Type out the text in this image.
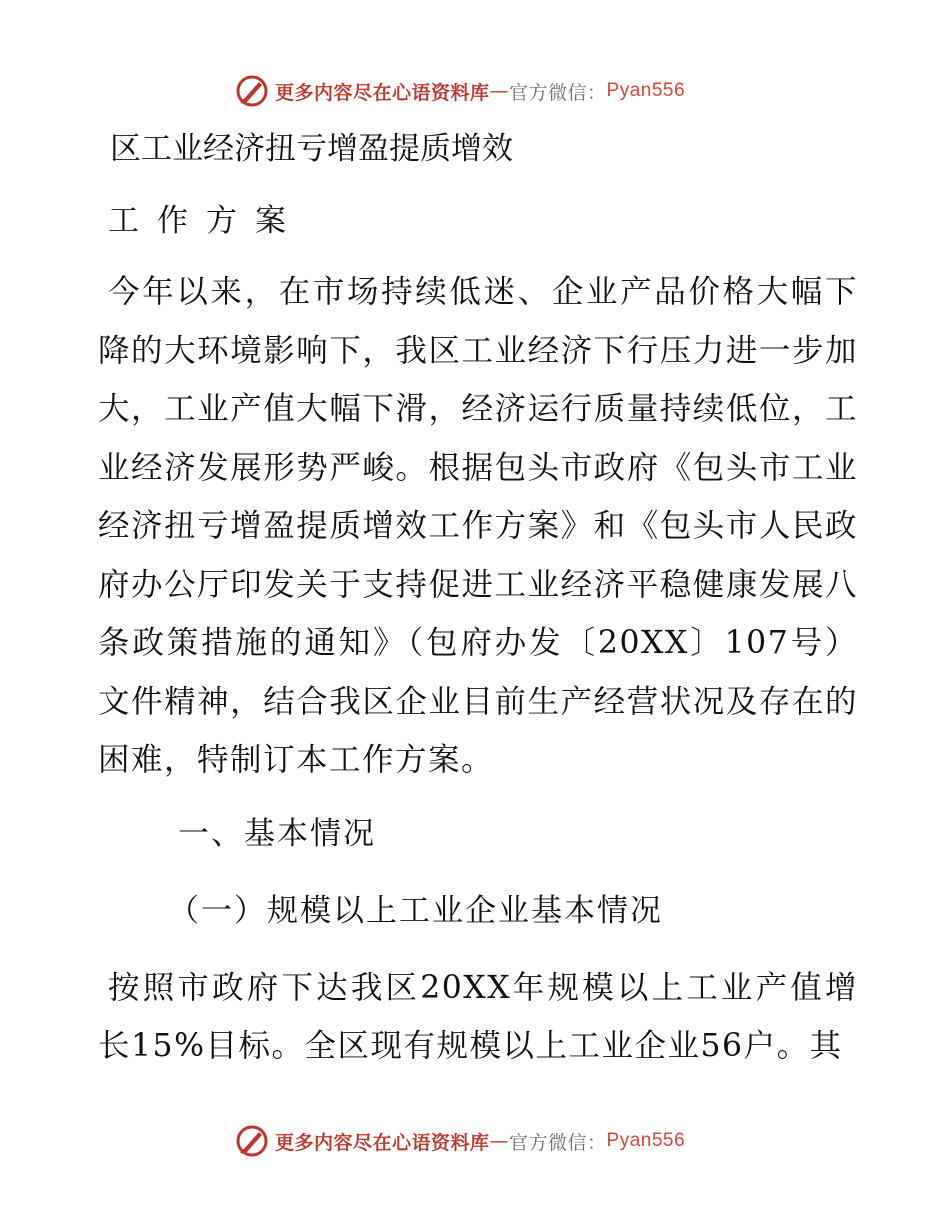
更多内容尽在心语资料库 — 官方微信： Pyan556
区工业经济扭亏增盈提质增效
工作方案

今年以来，在市场持续低迷、企业产品价格大幅下降的大环境影响下，我区工业经济下行压力进一步加大，工业产值大幅下滑，经济运行质量持续低位，工业经济发展形势严峻。根据包头市政府《包头市工业经济扭亏增盈提质增效工作方案》和《包头市人民政府办公厅印发关于支持促进工业经济平稳健康发展八条政策措施的通知》（包府办发〔20XX〕107号）文件精神，结合我区企业目前生产经营状况及存在的困难，特制订本工作方案。

一、基本情况
（一）规模以上工业企业基本情况

按照市政府下达我区20XX年规模以上工业产值增长15%目标。全区现有规模以上工业企业56户。其

更多内容尽在心语资料库 — 官方微信： Pyan556
